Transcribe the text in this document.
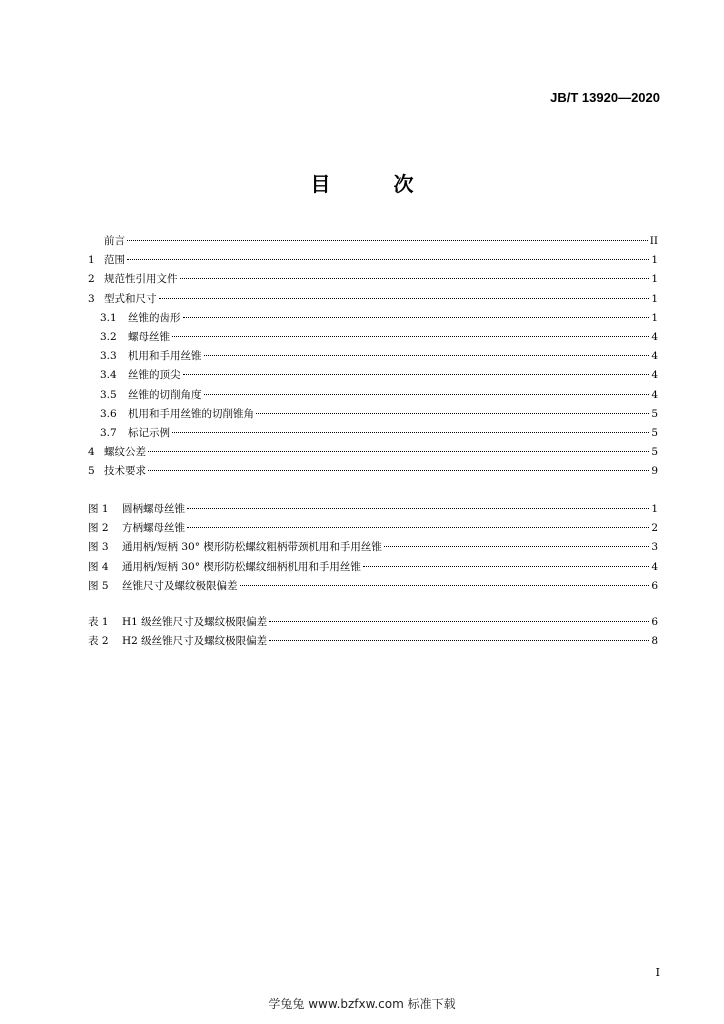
JB/T 13920—2020
目 次
前言	II
1 范围	1
2 规范性引用文件	1
3 型式和尺寸	1
3.1	丝锥的齿形	1
3.2	螺母丝锥	4
3.3	机用和手用丝锥	4
3.4	丝锥的顶尖	4
3.5	丝锥的切削角度	4
3.6	机用和手用丝锥的切削锥角	5
3.7	标记示例	5
4 螺纹公差	5
5 技术要求	9
图 1	圆柄螺母丝锥	1
图 2	方柄螺母丝锥	2
图 3	通用柄/短柄 30° 楔形防松螺纹粗柄带颈机用和手用丝锥	3
图 4	通用柄/短柄 30° 楔形防松螺纹细柄机用和手用丝锥	4
图 5	丝锥尺寸及螺纹极限偏差	6
表 1	H1 级丝锥尺寸及螺纹极限偏差	6
表 2	H2 级丝锥尺寸及螺纹极限偏差	8
I
学兔兔 www.bzfxw.com 标准下载
